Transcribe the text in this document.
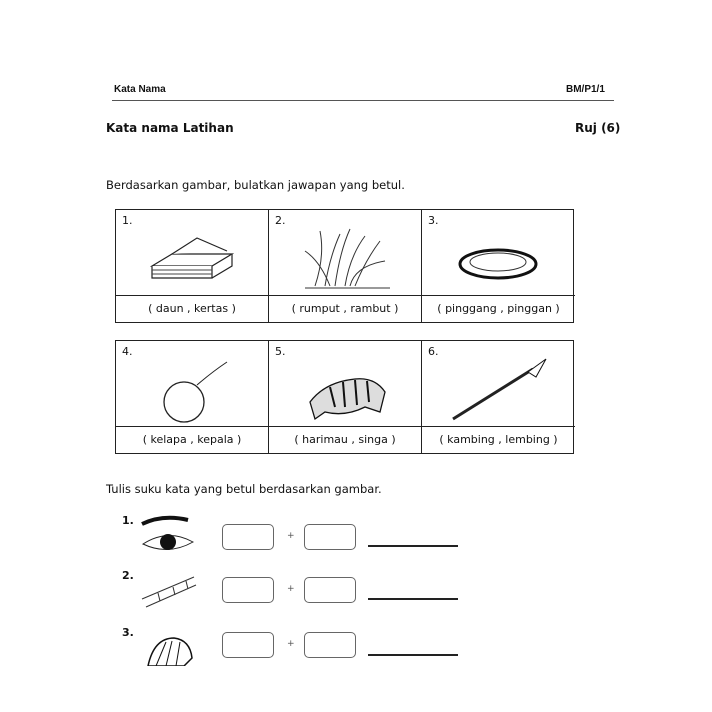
Kata Nama	BM/P1/1
Kata nama Latihan	Ruj (6)
Berdasarkan gambar, bulatkan jawapan yang betul.
1.
( daun , kertas )
2.
( rumput , rambut )
3.
( pinggang , pinggan )
4.
( kelapa , kepala )
5.
( harimau , singa )
6.
( kambing , lembing )
Tulis suku kata yang betul berdasarkan gambar.
1.
+
2.
+
3.
+
